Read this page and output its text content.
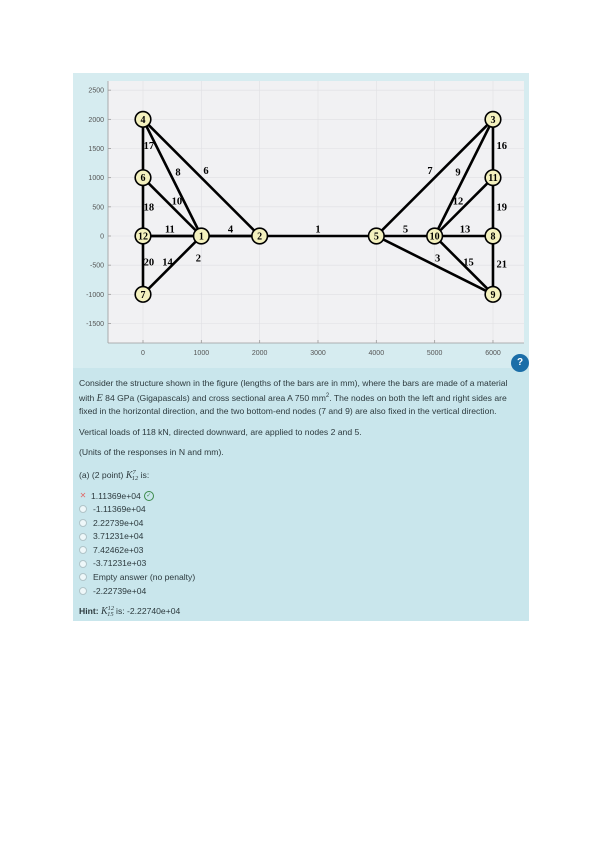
2500
2000
1500
1000
500
0
-500
-1000
-1500
0	1000	2000	3000	4000	5000	6000
1
2	3
4	5
6	7
8	9
10
11
12
13
14	15
16
17
18	19
20	21
1	2
3
4
5
6
7
8
9
10
11
12
?

Consider the structure shown in the figure (lengths of the bars are in mm), where the bars are made of a material with E 84 GPa (Gigapascals) and cross sectional area A 750 $mm^2$. The nodes on both the left and right sides are fixed in the horizontal direction, and the two bottom-end nodes (7 and 9) are also fixed in the vertical direction.

Vertical loads of 118 kN, directed downward, are applied to nodes 2 and 5.

(Units of the responses in N and mm).

(a) (2 point) $K^7_{12}$ is:

✕ 1.11369e+04 ✓
-1.11369e+04
2.22739e+04
3.71231e+04
7.42462e+03
-3.71231e+03
Empty answer (no penalty)
-2.22739e+04

Hint: $K^{12}_{15}$ is: -2.22740e+04
